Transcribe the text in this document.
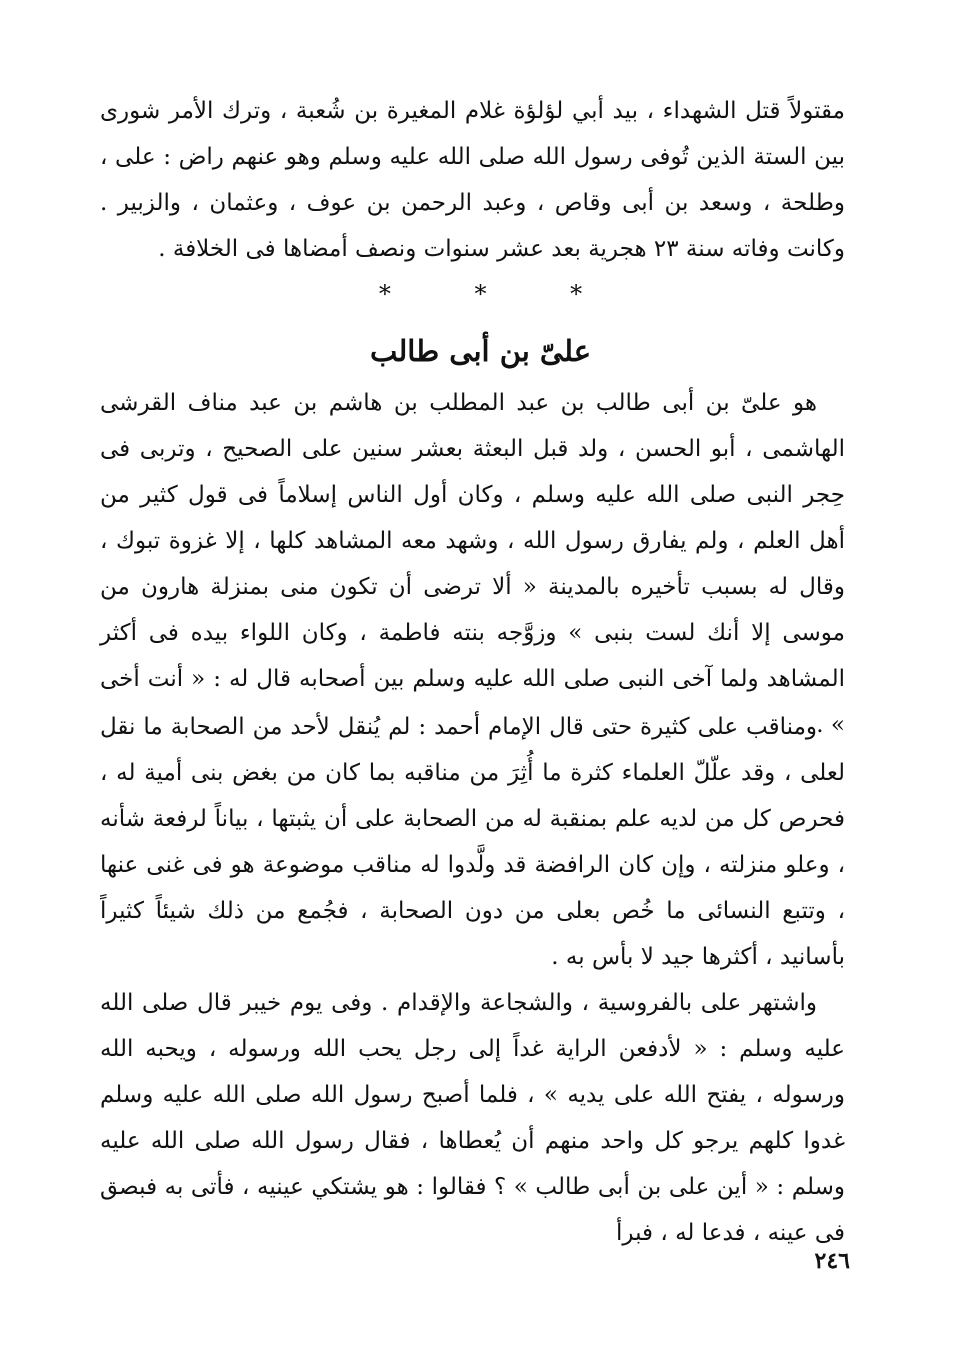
مقتولاً قتل الشهداء ، بيد أبي لؤلؤة غلام المغيرة بن شُعبة ، وترك الأمر شورى بين الستة الذين تُوفى رسول الله صلى الله عليه وسلم وهو عنهم راض : على ، وطلحة ، وسعد بن أبى وقاص ، وعبد الرحمن بن عوف ، وعثمان ، والزبير . وكانت وفاته سنة ٢٣ هجرية بعد عشر سنوات ونصف أمضاها فى الخلافة .

* * *
علىّ بن أبى طالب

هو علىّ بن أبى طالب بن عبد المطلب بن هاشم بن عبد مناف القرشى الهاشمى ، أبو الحسن ، ولد قبل البعثة بعشر سنين على الصحيح ، وتربى فى حِجر النبى صلى الله عليه وسلم ، وكان أول الناس إسلاماً فى قول كثير من أهل العلم ، ولم يفارق رسول الله ، وشهد معه المشاهد كلها ، إلا غزوة تبوك ، وقال له بسبب تأخيره بالمدينة « ألا ترضى أن تكون منى بمنزلة هارون من موسى إلا أنك لست بنبى » وزوَّجه بنته فاطمة ، وكان اللواء بيده فى أكثر المشاهد ولما آخى النبى صلى الله عليه وسلم بين أصحابه قال له : « أنت أخى » .

ومناقب على كثيرة حتى قال الإمام أحمد : لم يُنقل لأحد من الصحابة ما نقل لعلى ، وقد علّلّ العلماء كثرة ما أُثِرَ من مناقبه بما كان من بغض بنى أمية له ، فحرص كل من لديه علم بمنقبة له من الصحابة على أن يثبتها ، بياناً لرفعة شأنه ، وعلو منزلته ، وإن كان الرافضة قد ولَّدوا له مناقب موضوعة هو فى غنى عنها ، وتتبع النسائى ما خُص بعلى من دون الصحابة ، فجُمع من ذلك شيئاً كثيراً بأسانيد ، أكثرها جيد لا بأس به .

واشتهر على بالفروسية ، والشجاعة والإقدام . وفى يوم خيبر قال صلى الله عليه وسلم : « لأدفعن الراية غداً إلى رجل يحب الله ورسوله ، ويحبه الله ورسوله ، يفتح الله على يديه » ، فلما أصبح رسول الله صلى الله عليه وسلم غدوا كلهم يرجو كل واحد منهم أن يُعطاها ، فقال رسول الله صلى الله عليه وسلم : « أين على بن أبى طالب » ؟ فقالوا : هو يشتكي عينيه ، فأتى به فبصق فى عينه ، فدعا له ، فبرأ

٢٤٦
